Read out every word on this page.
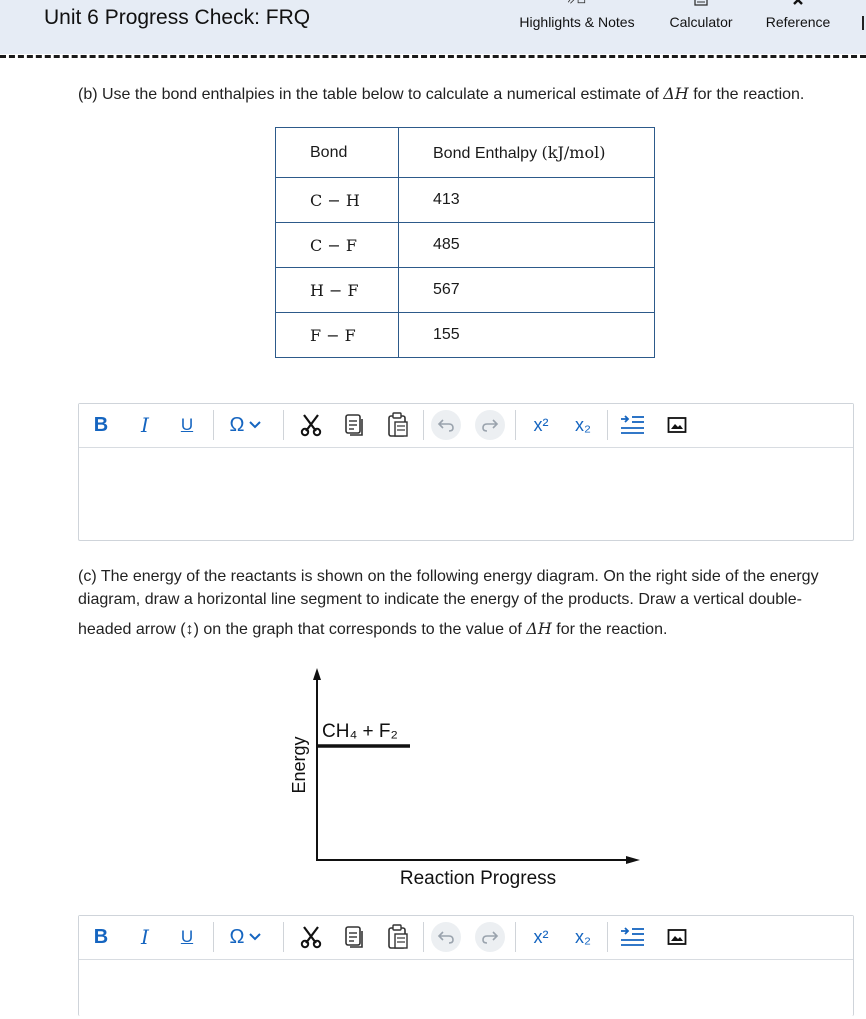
Unit 6 Progress Check: FRQ	Highlights & Notes	Calculator	Reference
(b) Use the bond enthalpies in the table below to calculate a numerical estimate of ΔH for the reaction.
Bond	Bond Enthalpy (kJ/mol)
C − H	413
C − F	485
H − F	567
F − F	155
B	I	U Ω	x²	x₂
(c) The energy of the reactants is shown on the following energy diagram. On the right side of the energy
diagram, draw a horizontal line segment to indicate the energy of the products. Draw a vertical double-
headed arrow (↕) on the graph that corresponds to the value of ΔH for the reaction.
CH₄ + F₂
Energy
Reaction Progress
B	I	U Ω	x²	x₂
